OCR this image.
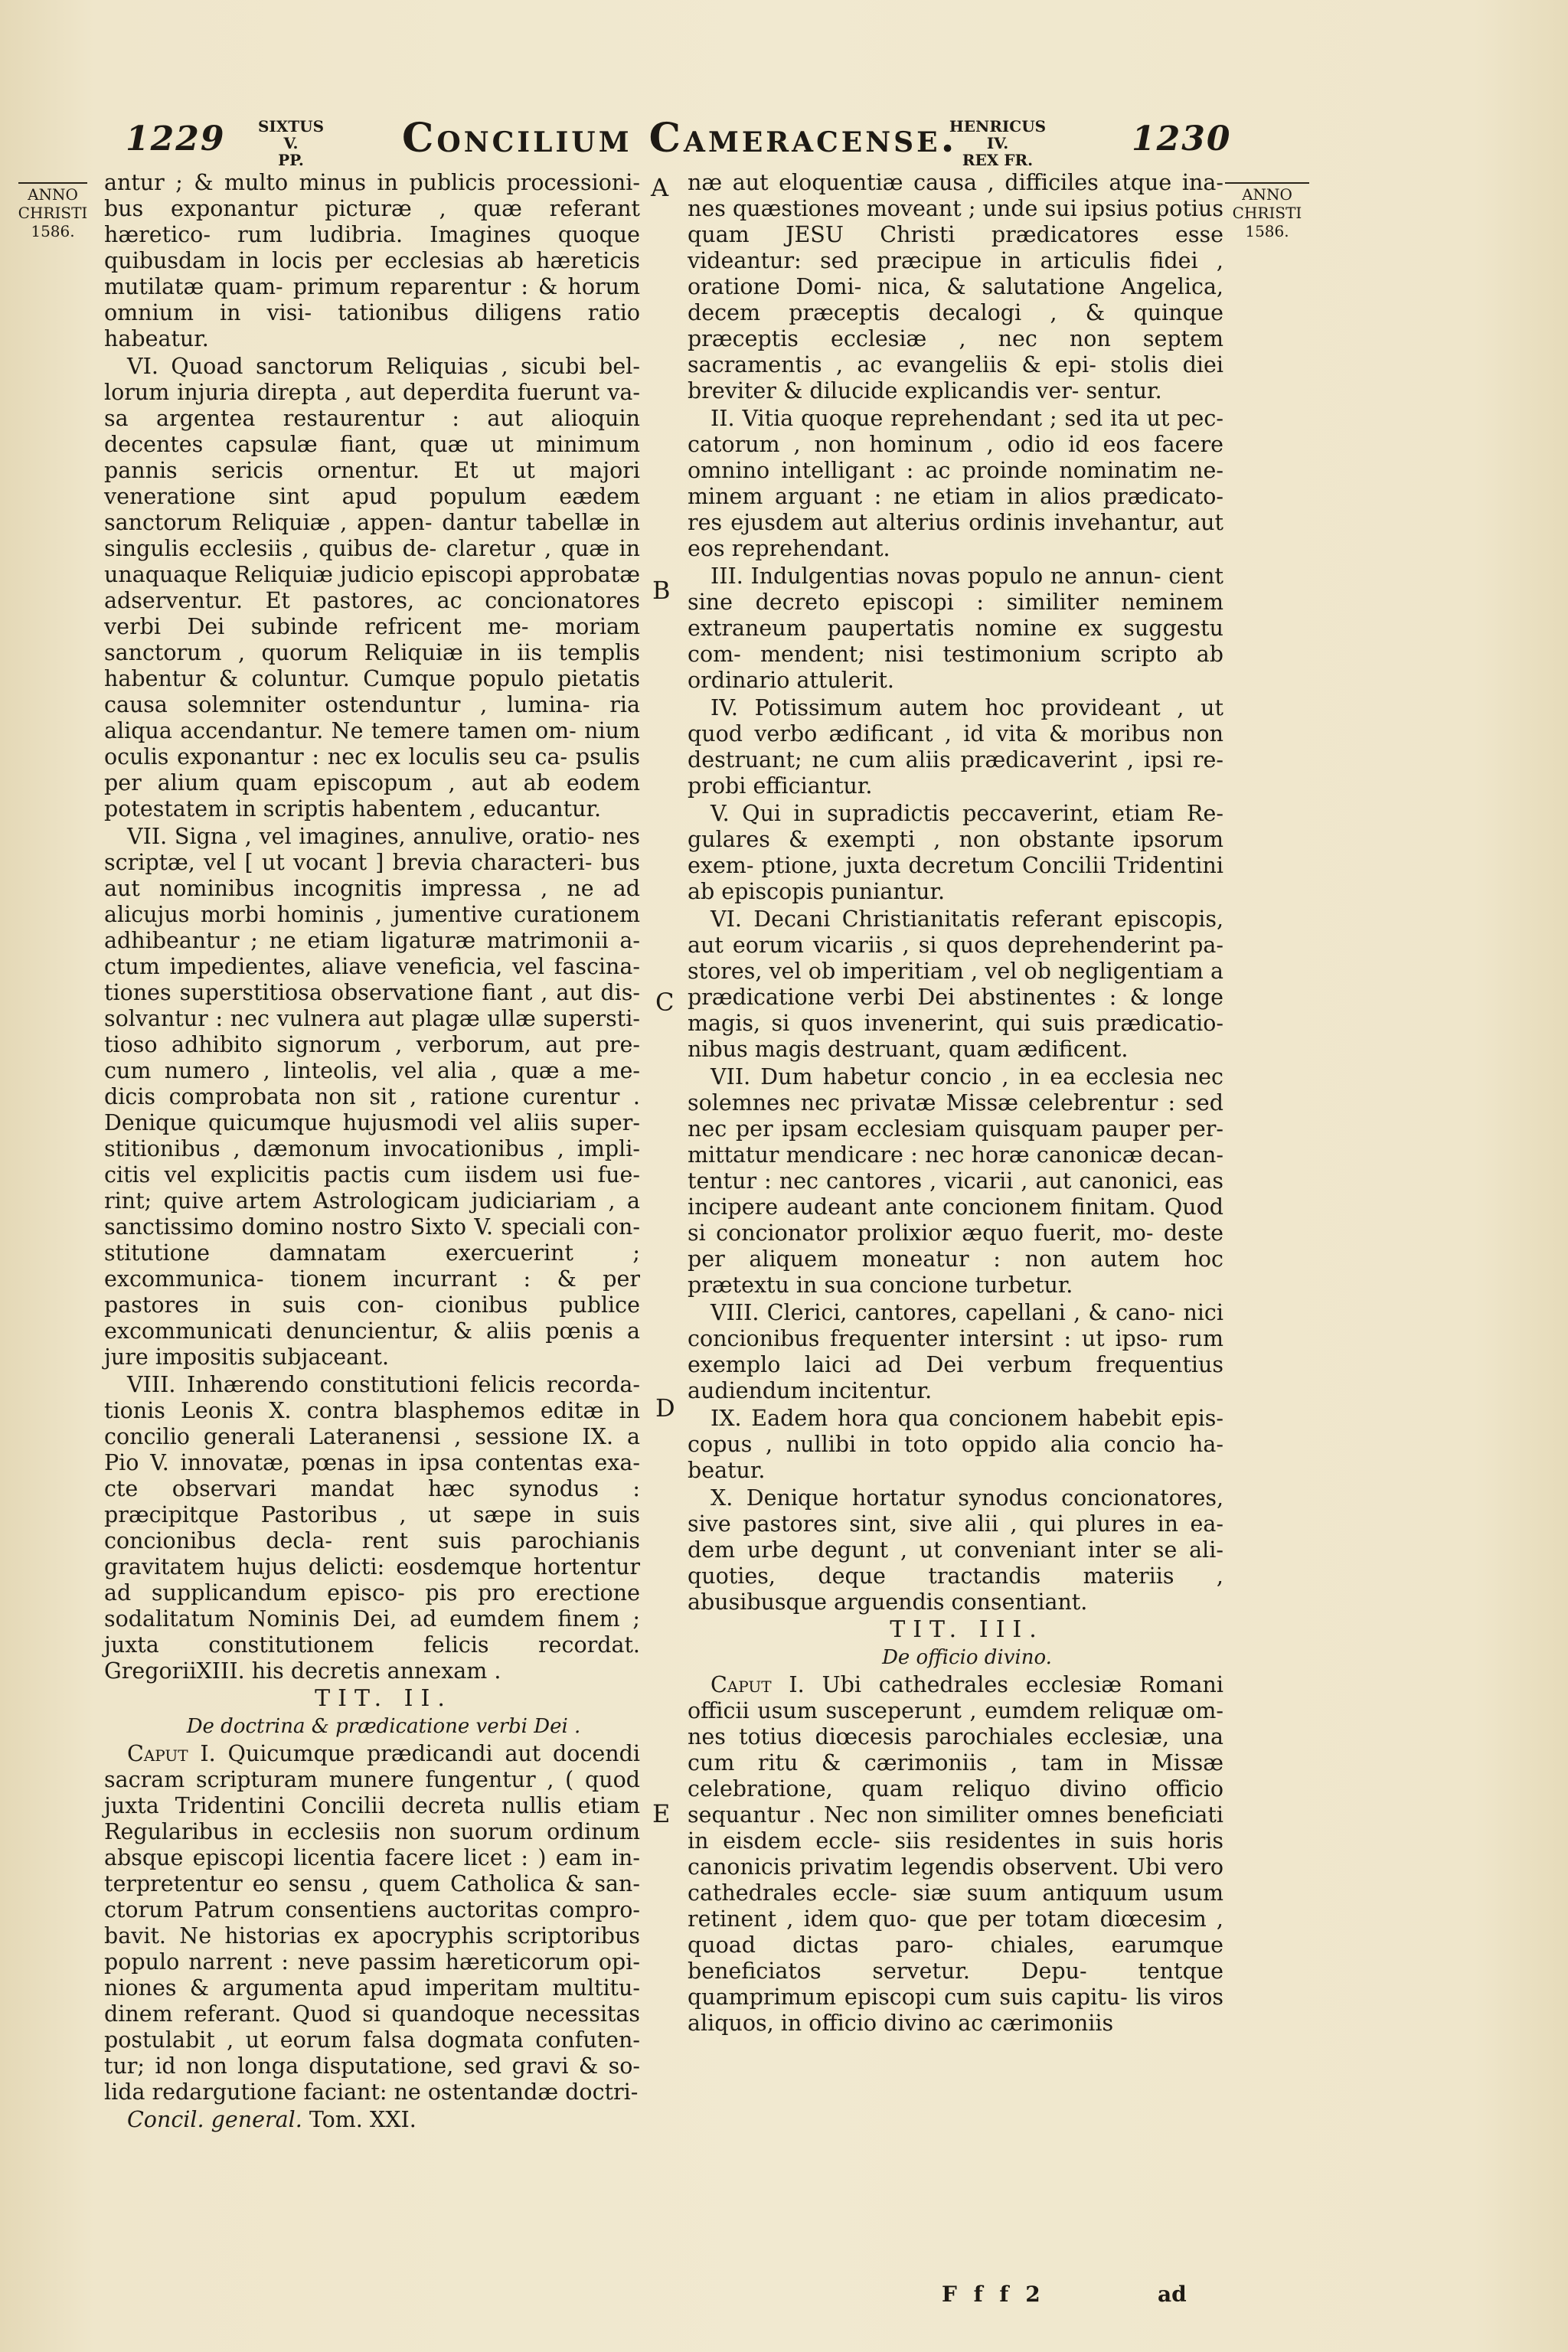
1229	SIXTUS V.
PP.	Concilium Cameracense.
HENRICUS IV.
REX FR.
1230
ANNO
CHRISTI
1586.
ANNO
CHRISTI
1586.
A
B
C
D
E

antur ; & multo minus in publicis processioni- bus exponantur picturæ , quæ referant hæretico- rum ludibria. Imagines quoque quibusdam in locis per ecclesias ab hæreticis mutilatæ quam- primum reparentur : & horum omnium in visi- tationibus diligens ratio habeatur.

VI. Quoad sanctorum Reliquias , sicubi bel- lorum injuria direpta , aut deperdita fuerunt va- sa argentea restaurentur : aut alioquin decentes capsulæ fiant, quæ ut minimum pannis sericis ornentur. Et ut majori veneratione sint apud populum eædem sanctorum Reliquiæ , appen- dantur tabellæ in singulis ecclesiis , quibus de- claretur , quæ in unaquaque Reliquiæ judicio episcopi approbatæ adserventur. Et pastores, ac concionatores verbi Dei subinde refricent me- moriam sanctorum , quorum Reliquiæ in iis templis habentur & coluntur. Cumque populo pietatis causa solemniter ostenduntur , lumina- ria aliqua accendantur. Ne temere tamen om- nium oculis exponantur : nec ex loculis seu ca- psulis per alium quam episcopum , aut ab eodem potestatem in scriptis habentem , educantur.

VII. Signa , vel imagines, annulive, oratio- nes scriptæ, vel [ ut vocant ] brevia characteri- bus aut nominibus incognitis impressa , ne ad alicujus morbi hominis , jumentive curationem adhibeantur ; ne etiam ligaturæ matrimonii a- ctum impedientes, aliave veneficia, vel fascina- tiones superstitiosa observatione fiant , aut dis- solvantur : nec vulnera aut plagæ ullæ supersti- tioso adhibito signorum , verborum, aut pre- cum numero , linteolis, vel alia , quæ a me- dicis comprobata non sit , ratione curentur . Denique quicumque hujusmodi vel aliis super- stitionibus , dæmonum invocationibus , impli- citis vel explicitis pactis cum iisdem usi fue- rint; quive artem Astrologicam judiciariam , a sanctissimo domino nostro Sixto V. speciali con- stitutione damnatam exercuerint ; excommunica- tionem incurrant : & per pastores in suis con- cionibus publice excommunicati denuncientur, & aliis pœnis a jure impositis subjaceant.

VIII. Inhærendo constitutioni felicis recorda- tionis Leonis X. contra blasphemos editæ in concilio generali Lateranensi , sessione IX. a Pio V. innovatæ, pœnas in ipsa contentas exa- cte observari mandat hæc synodus : præcipitque Pastoribus , ut sæpe in suis concionibus decla- rent suis parochianis gravitatem hujus delicti: eosdemque hortentur ad supplicandum episco- pis pro erectione sodalitatum Nominis Dei, ad eumdem finem ; juxta constitutionem felicis recordat. GregoriiXIII. his decretis annexam .

TIT. II.

De doctrina & prædicatione verbi Dei .

Caput I. Quicumque prædicandi aut docendi sacram scripturam munere fungentur , ( quod juxta Tridentini Concilii decreta nullis etiam Regularibus in ecclesiis non suorum ordinum absque episcopi licentia facere licet : ) eam in- terpretentur eo sensu , quem Catholica & san- ctorum Patrum consentiens auctoritas compro- bavit. Ne historias ex apocryphis scriptoribus populo narrent : neve passim hæreticorum opi- niones & argumenta apud imperitam multitu- dinem referant. Quod si quandoque necessitas postulabit , ut eorum falsa dogmata confuten- tur; id non longa disputatione, sed gravi & so- lida redargutione faciant: ne ostentandæ doctri-

Concil. general. Tom. XXI.

næ aut eloquentiæ causa , difficiles atque ina- nes quæstiones moveant ; unde sui ipsius potius quam JESU Christi prædicatores esse videantur: sed præcipue in articulis fidei , oratione Domi- nica, & salutatione Angelica, decem præceptis decalogi , & quinque præceptis ecclesiæ , nec non septem sacramentis , ac evangeliis & epi- stolis diei breviter & dilucide explicandis ver- sentur.

II. Vitia quoque reprehendant ; sed ita ut pec- catorum , non hominum , odio id eos facere omnino intelligant : ac proinde nominatim ne- minem arguant : ne etiam in alios prædicato- res ejusdem aut alterius ordinis invehantur, aut eos reprehendant.

III. Indulgentias novas populo ne annun- cient sine decreto episcopi : similiter neminem extraneum paupertatis nomine ex suggestu com- mendent; nisi testimonium scripto ab ordinario attulerit.

IV. Potissimum autem hoc provideant , ut quod verbo ædificant , id vita & moribus non destruant; ne cum aliis prædicaverint , ipsi re- probi efficiantur.

V. Qui in supradictis peccaverint, etiam Re- gulares & exempti , non obstante ipsorum exem- ptione, juxta decretum Concilii Tridentini ab episcopis puniantur.

VI. Decani Christianitatis referant episcopis, aut eorum vicariis , si quos deprehenderint pa- stores, vel ob imperitiam , vel ob negligentiam a prædicatione verbi Dei abstinentes : & longe magis, si quos invenerint, qui suis prædicatio- nibus magis destruant, quam ædificent.

VII. Dum habetur concio , in ea ecclesia nec solemnes nec privatæ Missæ celebrentur : sed nec per ipsam ecclesiam quisquam pauper per- mittatur mendicare : nec horæ canonicæ decan- tentur : nec cantores , vicarii , aut canonici, eas incipere audeant ante concionem finitam. Quod si concionator prolixior æquo fuerit, mo- deste per aliquem moneatur : non autem hoc prætextu in sua concione turbetur.

VIII. Clerici, cantores, capellani , & cano- nici concionibus frequenter intersint : ut ipso- rum exemplo laici ad Dei verbum frequentius audiendum incitentur.

IX. Eadem hora qua concionem habebit epis- copus , nullibi in toto oppido alia concio ha- beatur.

X. Denique hortatur synodus concionatores, sive pastores sint, sive alii , qui plures in ea- dem urbe degunt , ut conveniant inter se ali- quoties, deque tractandis materiis , abusibusque arguendis consentiant.

TIT. III.

De officio divino.

Caput I. Ubi cathedrales ecclesiæ Romani officii usum susceperunt , eumdem reliquæ om- nes totius diœcesis parochiales ecclesiæ, una cum ritu & cærimoniis , tam in Missæ celebratione, quam reliquo divino officio sequantur . Nec non similiter omnes beneficiati in eisdem eccle- siis residentes in suis horis canonicis privatim legendis observent. Ubi vero cathedrales eccle- siæ suum antiquum usum retinent , idem quo- que per totam diœcesim , quoad dictas paro- chiales, earumque beneficiatos servetur. Depu- tentque quamprimum episcopi cum suis capitu- lis viros aliquos, in officio divino ac cærimoniis

F f f 2	ad
